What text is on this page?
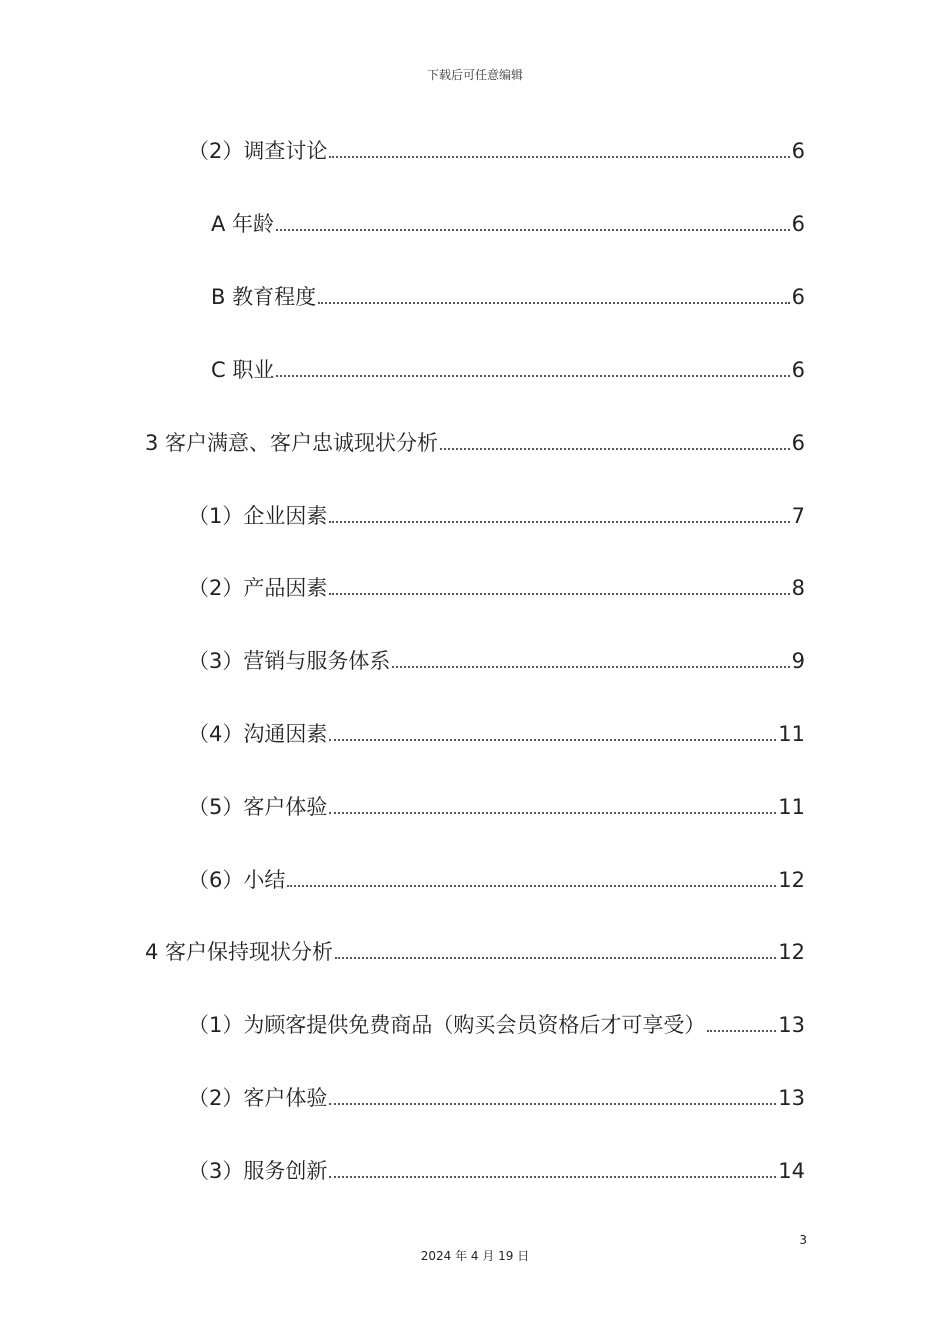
下载后可任意编辑
（2）调查讨论	6
A 年龄	6
B 教育程度	6
C 职业	6
3 客户满意、客户忠诚现状分析	6
（1）企业因素	7
（2）产品因素	8
（3）营销与服务体系	9
（4）沟通因素	11
（5）客户体验	11
（6）小结	12
4 客户保持现状分析	12
（1）为顾客提供免费商品（购买会员资格后才可享受）	13
（2）客户体验	13
（3）服务创新	14
3
2024 年 4 月 19 日
